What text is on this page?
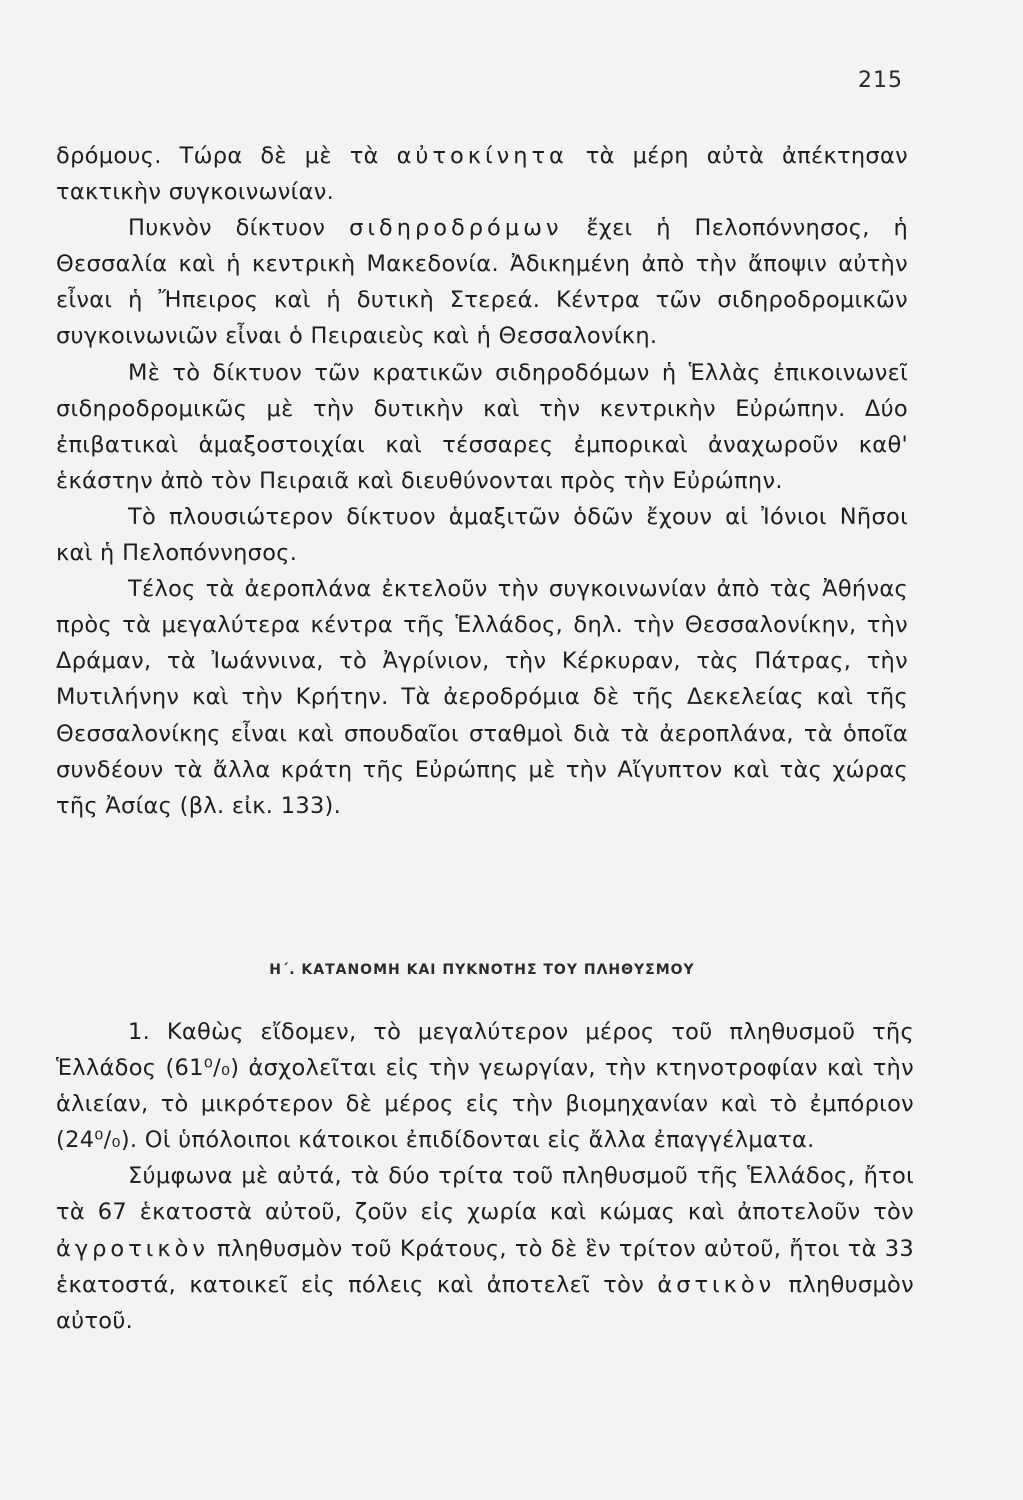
215

δρόμους. Τώρα δὲ μὲ τὰ αὐτοκίνητα τὰ μέρη αὐτὰ ἀπέκτησαν τακτικὴν συγκοινωνίαν.

Πυκνὸν δίκτυον σιδηροδρόμων ἔχει ἡ Πελοπόννησος, ἡ Θεσσαλία καὶ ἡ κεντρικὴ Μακεδονία. Ἀδικημένη ἀπὸ τὴν ἄποψιν αὐτὴν εἶναι ἡ Ἤπειρος καὶ ἡ δυτικὴ Στερεά. Κέντρα τῶν σιδηροδρομικῶν συγκοινωνιῶν εἶναι ὁ Πειραιεὺς καὶ ἡ Θεσσαλονίκη.

Μὲ τὸ δίκτυον τῶν κρατικῶν σιδηροδόμων ἡ Ἑλλὰς ἐπικοινωνεῖ σιδηροδρομικῶς μὲ τὴν δυτικὴν καὶ τὴν κεντρικὴν Εὐρώπην. Δύο ἐπιβατικαὶ ἁμαξοστοιχίαι καὶ τέσσαρες ἐμπορικαὶ ἀναχωροῦν καθ' ἑκάστην ἀπὸ τὸν Πειραιᾶ καὶ διευθύνονται πρὸς τὴν Εὐρώπην.

Τὸ πλουσιώτερον δίκτυον ἁμαξιτῶν ὁδῶν ἔχουν αἱ Ἰόνιοι Νῆσοι καὶ ἡ Πελοπόννησος.

Τέλος τὰ ἀεροπλάνα ἐκτελοῦν τὴν συγκοινωνίαν ἀπὸ τὰς Ἀθήνας πρὸς τὰ μεγαλύτερα κέντρα τῆς Ἑλλάδος, δηλ. τὴν Θεσσαλονίκην, τὴν Δράμαν, τὰ Ἰωάννινα, τὸ Ἀγρίνιον, τὴν Κέρκυραν, τὰς Πάτρας, τὴν Μυτιλήνην καὶ τὴν Κρήτην. Τὰ ἀεροδρόμια δὲ τῆς Δεκελείας καὶ τῆς Θεσσαλονίκης εἶναι καὶ σπουδαῖοι σταθμοὶ διὰ τὰ ἀεροπλάνα, τὰ ὁποῖα συνδέουν τὰ ἄλλα κράτη τῆς Εὐρώπης μὲ τὴν Αἴγυπτον καὶ τὰς χώρας τῆς Ἀσίας (βλ. εἰκ. 133).

Η΄. ΚΑΤΑΝΟΜΗ ΚΑΙ ΠΥΚΝΟΤΗΣ ΤΟΥ ΠΛΗΘΥΣΜΟΥ

1. Καθὼς εἴδομεν, τὸ μεγαλύτερον μέρος τοῦ πληθυσμοῦ τῆς Ἑλλάδος (61⁰/₀) ἀσχολεῖται εἰς τὴν γεωργίαν, τὴν κτηνοτροφίαν καὶ τὴν ἁλιείαν, τὸ μικρότερον δὲ μέρος εἰς τὴν βιομηχανίαν καὶ τὸ ἐμπόριον (24⁰/₀). Οἱ ὑπόλοιποι κάτοικοι ἐπιδίδονται εἰς ἄλλα ἐπαγγέλματα.

Σύμφωνα μὲ αὐτά, τὰ δύο τρίτα τοῦ πληθυσμοῦ τῆς Ἑλλάδος, ἤτοι τὰ 67 ἑκατοστὰ αὐτοῦ, ζοῦν εἰς χωρία καὶ κώμας καὶ ἀποτελοῦν τὸν ἀγροτικὸν πληθυσμὸν τοῦ Κράτους, τὸ δὲ ἓν τρίτον αὐτοῦ, ἤτοι τὰ 33 ἑκατοστά, κατοικεῖ εἰς πόλεις καὶ ἀποτελεῖ τὸν ἀστικὸν πληθυσμὸν αὐτοῦ.
